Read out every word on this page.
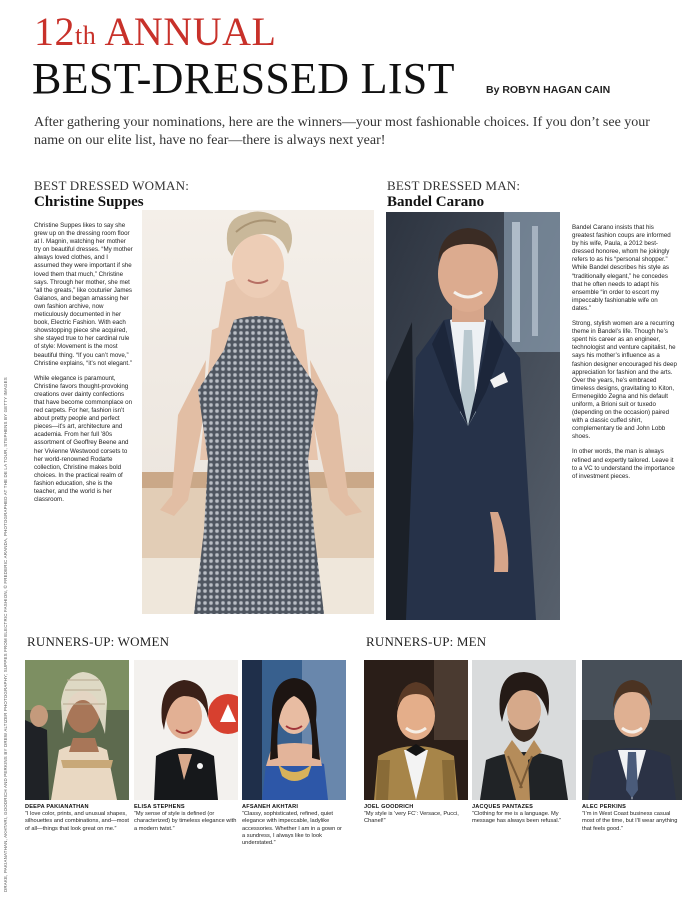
12th ANNUAL
BEST-DRESSED LIST	By ROBYN HAGAN CAIN
After gathering your nominations, here are the winners—your most fashionable choices. If you don’t see your name on our elite list, have no fear—there is always next year!
DRAKE, PAKIANATHAN, AKHTARI, GOODRICH AND PERKINS BY DREW ALTIZER PHOTOGRAPHY; SUPPES FROM ELECTRIC FASHION, © FREDERIC ARANDA, PHOTOGRAPHED AT THE DE LA TOUR, STEPHENS BY GETTY IMAGES
BEST DRESSED WOMAN:
Christine Suppes

Christine Suppes likes to say she grew up on the dressing room floor at I. Magnin, watching her mother try on beautiful dresses. “My mother always loved clothes, and I assumed they were important if she loved them that much,” Christine says. Through her mother, she met “all the greats,” like couturier James Galanos, and began amassing her own fashion archive, now meticulously documented in her book, Electric Fashion. With each showstopping piece she acquired, she stayed true to her cardinal rule of style: Movement is the most beautiful thing. “If you can’t move,” Christine explains, “it’s not elegant.”

While elegance is paramount, Christine favors thought-provoking creations over dainty confections that have become commonplace on red carpets. For her, fashion isn’t about pretty people and perfect pieces—it’s art, architecture and academia. From her full ’80s assortment of Geoffrey Beene and her Vivienne Westwood corsets to her world-renowned Rodarte collection, Christine makes bold choices. In the practical realm of fashion education, she is the teacher, and the world is her classroom.

BEST DRESSED MAN:
Bandel Carano

Bandel Carano insists that his greatest fashion coups are informed by his wife, Paula, a 2012 best-dressed honoree, whom he jokingly refers to as his “personal shopper.” While Bandel describes his style as “traditionally elegant,” he concedes that he often needs to adapt his ensemble “in order to escort my impeccably fashionable wife on dates.”

Strong, stylish women are a recurring theme in Bandel’s life. Though he’s spent his career as an engineer, technologist and venture capitalist, he says his mother’s influence as a fashion designer encouraged his deep appreciation for fashion and the arts. Over the years, he’s embraced timeless designs, gravitating to Kiton, Ermenegildo Zegna and his default uniform, a Brioni suit or tuxedo (depending on the occasion) paired with a classic cuffed shirt, complementary tie and John Lobb shoes.

In other words, the man is always refined and expertly tailored. Leave it to a VC to understand the importance of investment pieces.

RUNNERS-UP: WOMEN	RUNNERS-UP: MEN
DEEPA PAKIANATHAN
“I love color, prints, and unusual shapes, silhouettes and combinations, and—most of all—things that look great on me.”
ELISA STEPHENS
“My sense of style is defined (or characterized) by timeless elegance with a modern twist.”
AFSANEH AKHTARI
“Classy, sophisticated, refined, quiet elegance with impeccable, ladylike accessories. Whether I am in a gown or a sundress, I always like to look understated.”
JOEL GOODRICH
“My style is ‘very FC’: Versace, Pucci, Chanel!”
JACQUES PANTAZES
“Clothing for me is a language. My message has always been refusal.”
ALEC PERKINS
“I’m in West Coast business casual most of the time, but I’ll wear anything that feels good.”
